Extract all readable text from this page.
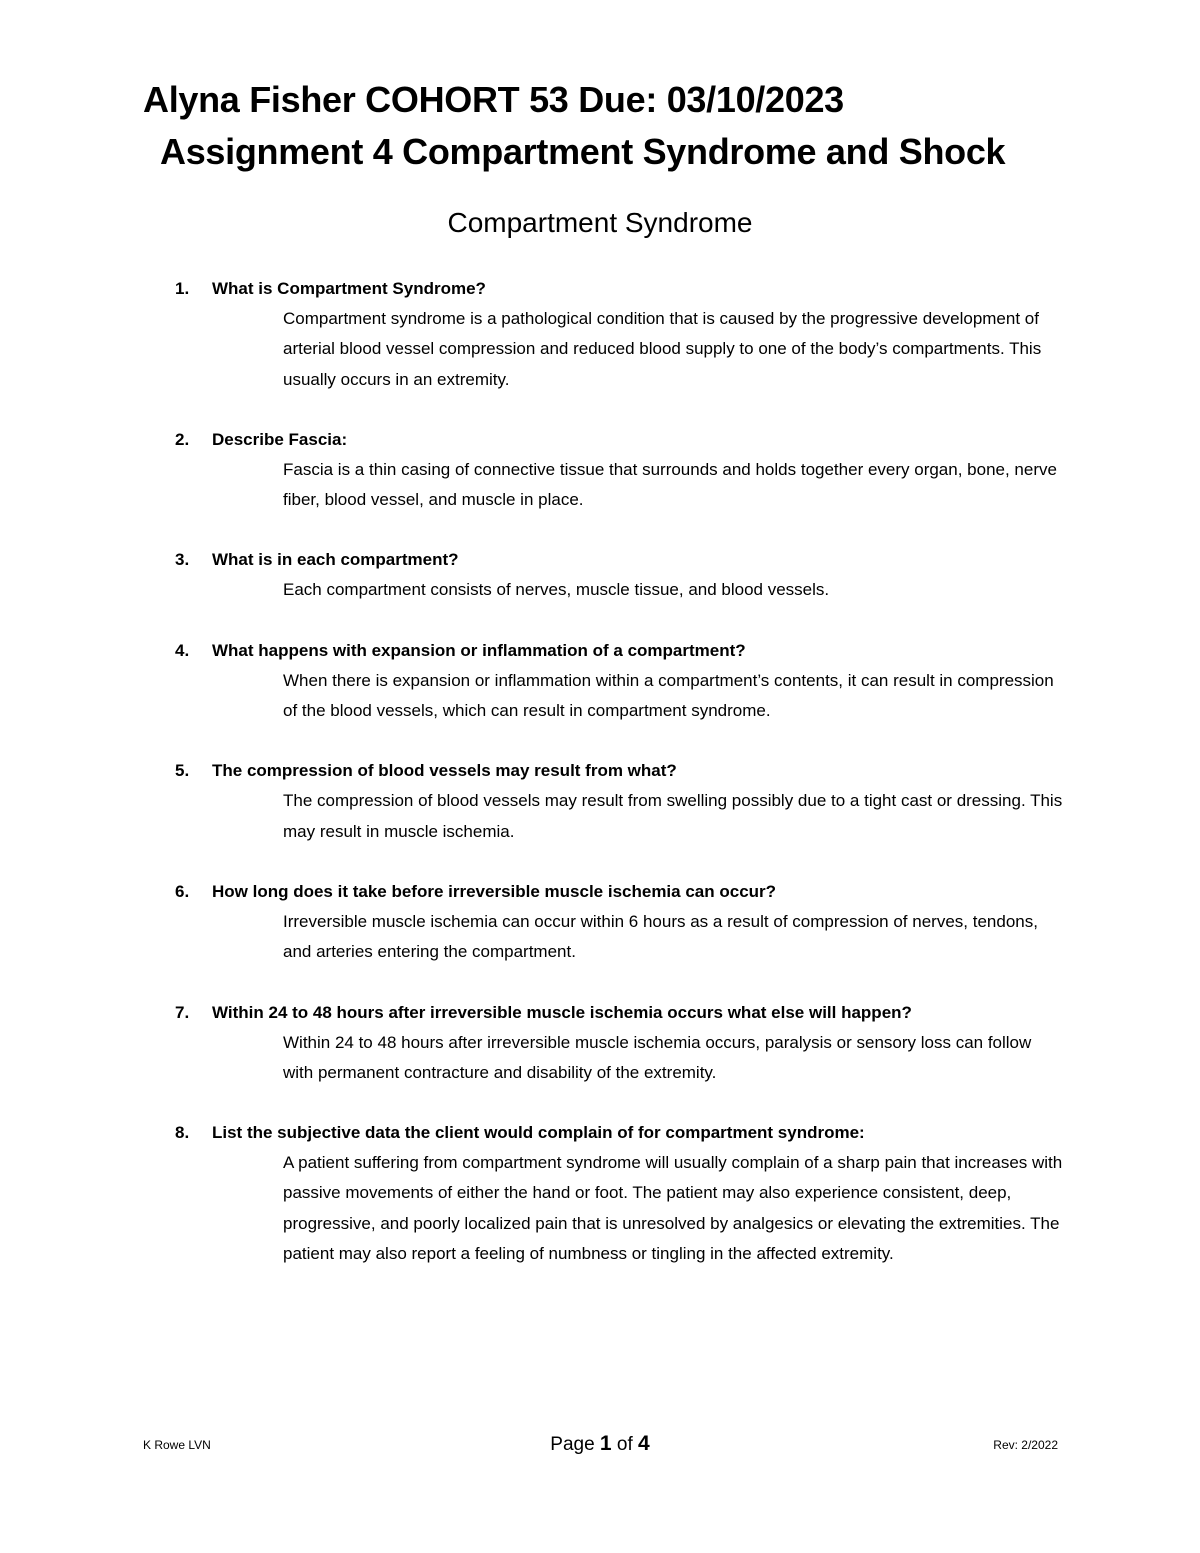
Alyna Fisher COHORT 53 Due: 03/10/2023
Assignment 4 Compartment Syndrome and Shock
Compartment Syndrome
1. What is Compartment Syndrome?
Compartment syndrome is a pathological condition that is caused by the progressive development of arterial blood vessel compression and reduced blood supply to one of the body’s compartments. This usually occurs in an extremity.
2. Describe Fascia:
Fascia is a thin casing of connective tissue that surrounds and holds together every organ, bone, nerve fiber, blood vessel, and muscle in place.
3. What is in each compartment?
Each compartment consists of nerves, muscle tissue, and blood vessels.
4. What happens with expansion or inflammation of a compartment?
When there is expansion or inflammation within a compartment’s contents, it can result in compression of the blood vessels, which can result in compartment syndrome.
5. The compression of blood vessels may result from what?
The compression of blood vessels may result from swelling possibly due to a tight cast or dressing. This may result in muscle ischemia.
6. How long does it take before irreversible muscle ischemia can occur?
Irreversible muscle ischemia can occur within 6 hours as a result of compression of nerves, tendons, and arteries entering the compartment.
7. Within 24 to 48 hours after irreversible muscle ischemia occurs what else will happen?
Within 24 to 48 hours after irreversible muscle ischemia occurs, paralysis or sensory loss can follow with permanent contracture and disability of the extremity.
8. List the subjective data the client would complain of for compartment syndrome:
A patient suffering from compartment syndrome will usually complain of a sharp pain that increases with passive movements of either the hand or foot. The patient may also experience consistent, deep, progressive, and poorly localized pain that is unresolved by analgesics or elevating the extremities. The patient may also report a feeling of numbness or tingling in the affected extremity.
K Rowe LVN	Page 1 of 4	Rev: 2/2022
